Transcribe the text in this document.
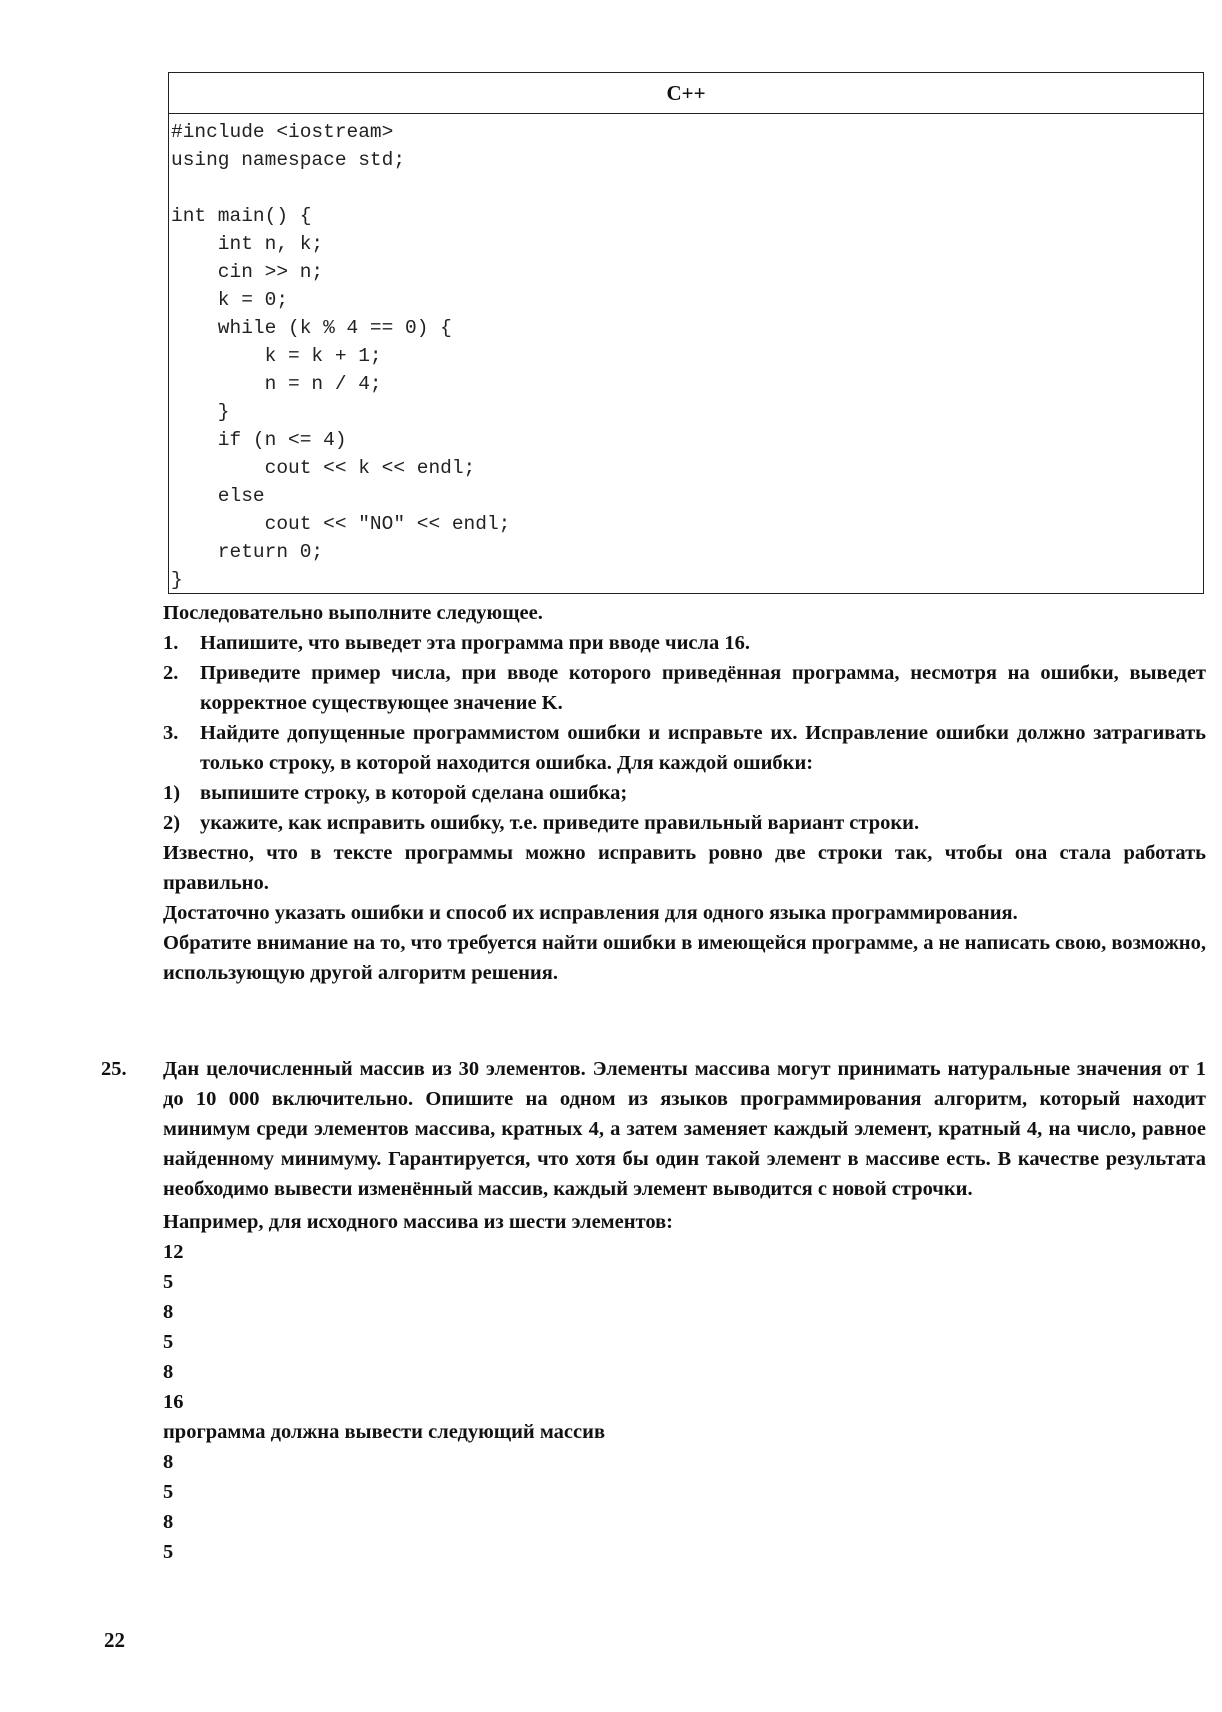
C++
#include <iostream>
using namespace std;

int main() {
int n, k;
cin >> n;
k = 0;
while (k % 4 == 0) {
k = k + 1;
n = n / 4;
}
if (n <= 4)
cout << k << endl;
else
cout << "NO" << endl;
return 0;
}

Последовательно выполните следующее.

1. Напишите, что выведет эта программа при вводе числа 16.
2. Приведите пример числа, при вводе которого приведённая программа, несмотря на ошибки, выведет корректное существующее значение K.
3. Найдите допущенные программистом ошибки и исправьте их. Исправление ошибки должно затрагивать только строку, в которой находится ошибка. Для каждой ошибки:
1) выпишите строку, в которой сделана ошибка;
2) укажите, как исправить ошибку, т.е. приведите правильный вариант строки.

Известно, что в тексте программы можно исправить ровно две строки так, чтобы она стала работать правильно.

Достаточно указать ошибки и способ их исправления для одного языка программирования.

Обратите внимание на то, что требуется найти ошибки в имеющейся программе, а не написать свою, возможно, использующую другой алгоритм решения.

25. Дан целочисленный массив из 30 элементов. Элементы массива могут принимать натуральные значения от 1 до 10 000 включительно. Опишите на одном из языков программирования алгоритм, который находит минимум среди элементов массива, кратных 4, а затем заменяет каждый элемент, кратный 4, на число, равное найденному минимуму. Гарантируется, что хотя бы один такой элемент в массиве есть. В качестве результата необходимо вывести изменённый массив, каждый элемент выводится с новой строчки.

Например, для исходного массива из шести элементов:

12
5
8
5
8
16

программа должна вывести следующий массив

8
5
8
5
22
